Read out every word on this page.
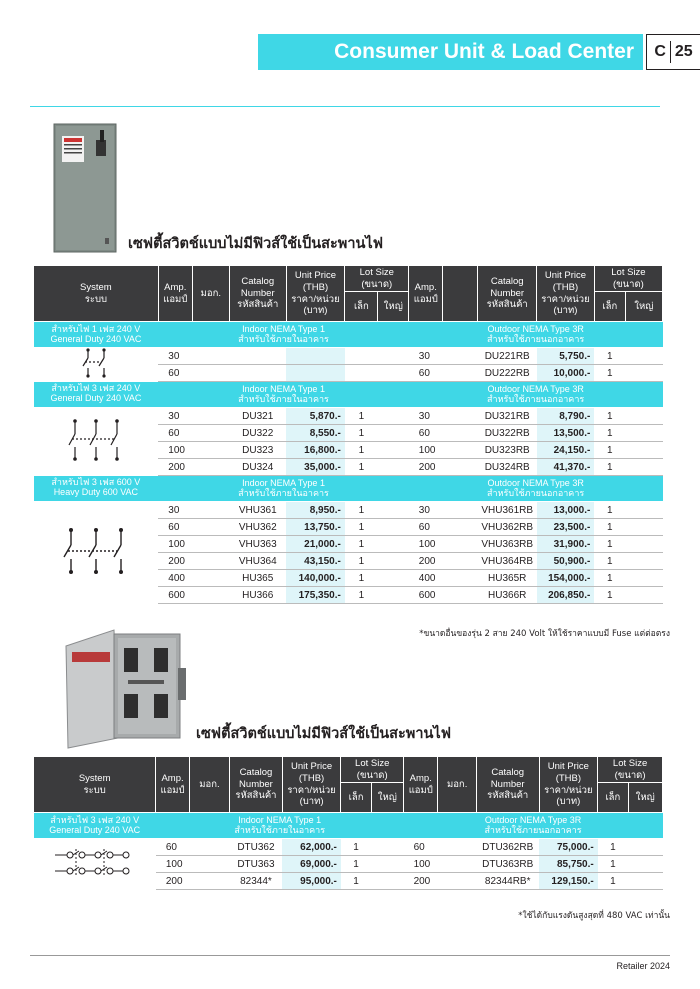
Consumer Unit & Load Center C 25
เซฟตี้สวิตช์แบบไม่มีฟิวส์ใช้เป็นสะพานไฟ
System
ระบบ	Amp.
แอมป์	มอก.	Catalog
Number
รหัสสินค้า	Unit Price
(THB)
ราคา/หน่วย
(บาท)	Lot Size
(ขนาด)		Amp.
แอมป์		Catalog
Number
รหัสสินค้า	Unit Price
(THB)
ราคา/หน่วย
(บาท)	Lot Size
(ขนาด)	
					เล็ก	ใหญ่					เล็ก	ใหญ่
สำหรับไฟ 1 เฟส 240 V
General Duty 240 VAC	Indoor NEMA Type 1
สำหรับใช้ภายในอาคาร						Outdoor NEMA Type 3R
สำหรับใช้ภายนอกอาคาร					
	30						30		DU221RB	5,750.-	1	
	60						60		DU222RB	10,000.-	1	
สำหรับไฟ 3 เฟส 240 V
General Duty 240 VAC	Indoor NEMA Type 1
สำหรับใช้ภายในอาคาร						Outdoor NEMA Type 3R
สำหรับใช้ภายนอกอาคาร					
	30		DU321	5,870.-	1		30		DU321RB	8,790.-	1	
	60		DU322	8,550.-	1		60		DU322RB	13,500.-	1	
	100		DU323	16,800.-	1		100		DU323RB	24,150.-	1	
	200		DU324	35,000.-	1		200		DU324RB	41,370.-	1	
สำหรับไฟ 3 เฟส 600 V
Heavy Duty 600 VAC	Indoor NEMA Type 1
สำหรับใช้ภายในอาคาร						Outdoor NEMA Type 3R
สำหรับใช้ภายนอกอาคาร					
	30		VHU361	8,950.-	1		30		VHU361RB	13,000.-	1	
	60		VHU362	13,750.-	1		60		VHU362RB	23,500.-	1	
	100		VHU363	21,000.-	1		100		VHU363RB	31,900.-	1	
	200		VHU364	43,150.-	1		200		VHU364RB	50,900.-	1	
	400		HU365	140,000.-	1		400		HU365R	154,000.-	1	
	600		HU366	175,350.-	1		600		HU366R	206,850.-	1	
*ขนาดอื่นของรุ่น 2 สาย 240 Volt ให้ใช้ราคาแบบมี Fuse แต่ต่อตรง
เซฟตี้สวิตช์แบบไม่มีฟิวส์ใช้เป็นสะพานไฟ
System
ระบบ	Amp.
แอมป์	มอก.	Catalog
Number
รหัสสินค้า	Unit Price
(THB)
ราคา/หน่วย
(บาท)	Lot Size
(ขนาด)		Amp.
แอมป์	มอก.	Catalog
Number
รหัสสินค้า	Unit Price
(THB)
ราคา/หน่วย
(บาท)	Lot Size
(ขนาด)	
					เล็ก	ใหญ่					เล็ก	ใหญ่
สำหรับไฟ 3 เฟส 240 V
General Duty 240 VAC	Indoor NEMA Type 1
สำหรับใช้ภายในอาคาร						Outdoor NEMA Type 3R
สำหรับใช้ภายนอกอาคาร					
	60		DTU362	62,000.-	1		60		DTU362RB	75,000.-	1	
	100		DTU363	69,000.-	1		100		DTU363RB	85,750.-	1	
	200		82344*	95,000.-	1		200		82344RB*	129,150.-	1	
*ใช้ได้กับแรงดันสูงสุดที่ 480 VAC เท่านั้น
Retailer 2024
